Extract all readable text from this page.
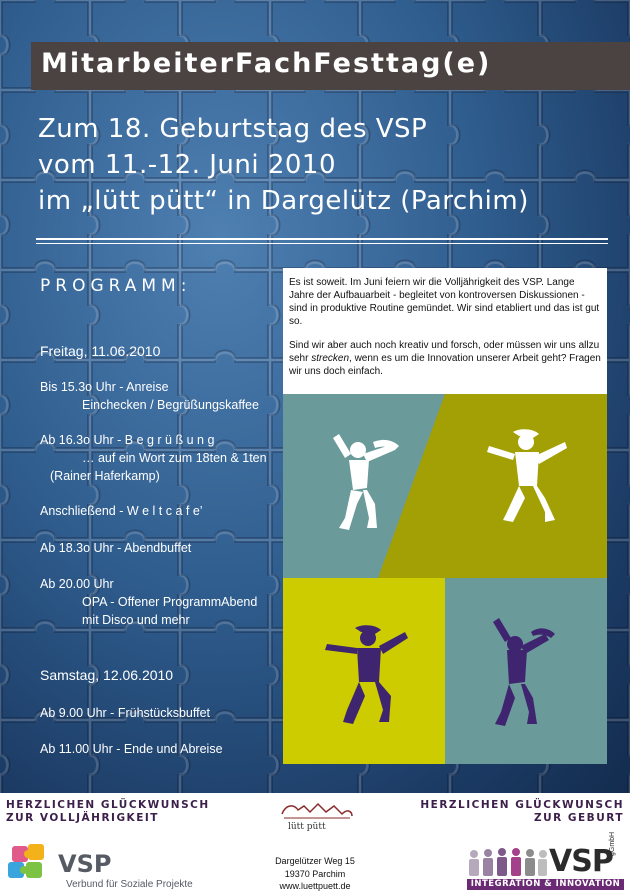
MitarbeiterFachFesttag(e)
Zum 18. Geburtstag des VSP
vom 11.-12. Juni 2010
im „lütt pütt“ in Dargelütz (Parchim)
PROGRAMM:
Freitag, 11.06.2010
Bis 15.3o Uhr - Anreise
Einchecken / Begrüßungskaffee
Ab 16.3o Uhr - B e g r ü ß u n g
… auf ein Wort zum 18ten & 1ten
(Rainer Haferkamp)
Anschließend - W e l t c a f e’
Ab 18.3o Uhr - Abendbuffet
Ab 20.00 Uhr
OPA - Offener ProgrammAbend
mit Disco und mehr
Samstag, 12.06.2010
Ab 9.00 Uhr - Frühstücksbuffet
Ab 11.00 Uhr - Ende und Abreise

Es ist soweit. Im Juni feiern wir die Volljährigkeit des VSP. Lange Jahre der Aufbauarbeit - begleitet von kontroversen Diskussionen - sind in produktive Routine gemündet. Wir sind etabliert und das ist gut so.

Sind wir aber auch noch kreativ und forsch, oder müssen wir uns allzu sehr strecken, wenn es um die Innovation unserer Arbeit geht? Fragen wir uns doch einfach.

HERZLICHEN GLÜCKWUNSCH
ZUR VOLLJÄHRIGKEIT
HERZLICHEN GLÜCKWUNSCH
ZUR GEBURT
VSP
Verbund für Soziale Projekte
lütt pütt
Dargelützer Weg 15
19370 Parchim
www.luettpuett.de
VSP
gGmbH
INTEGRATION & INNOVATION
